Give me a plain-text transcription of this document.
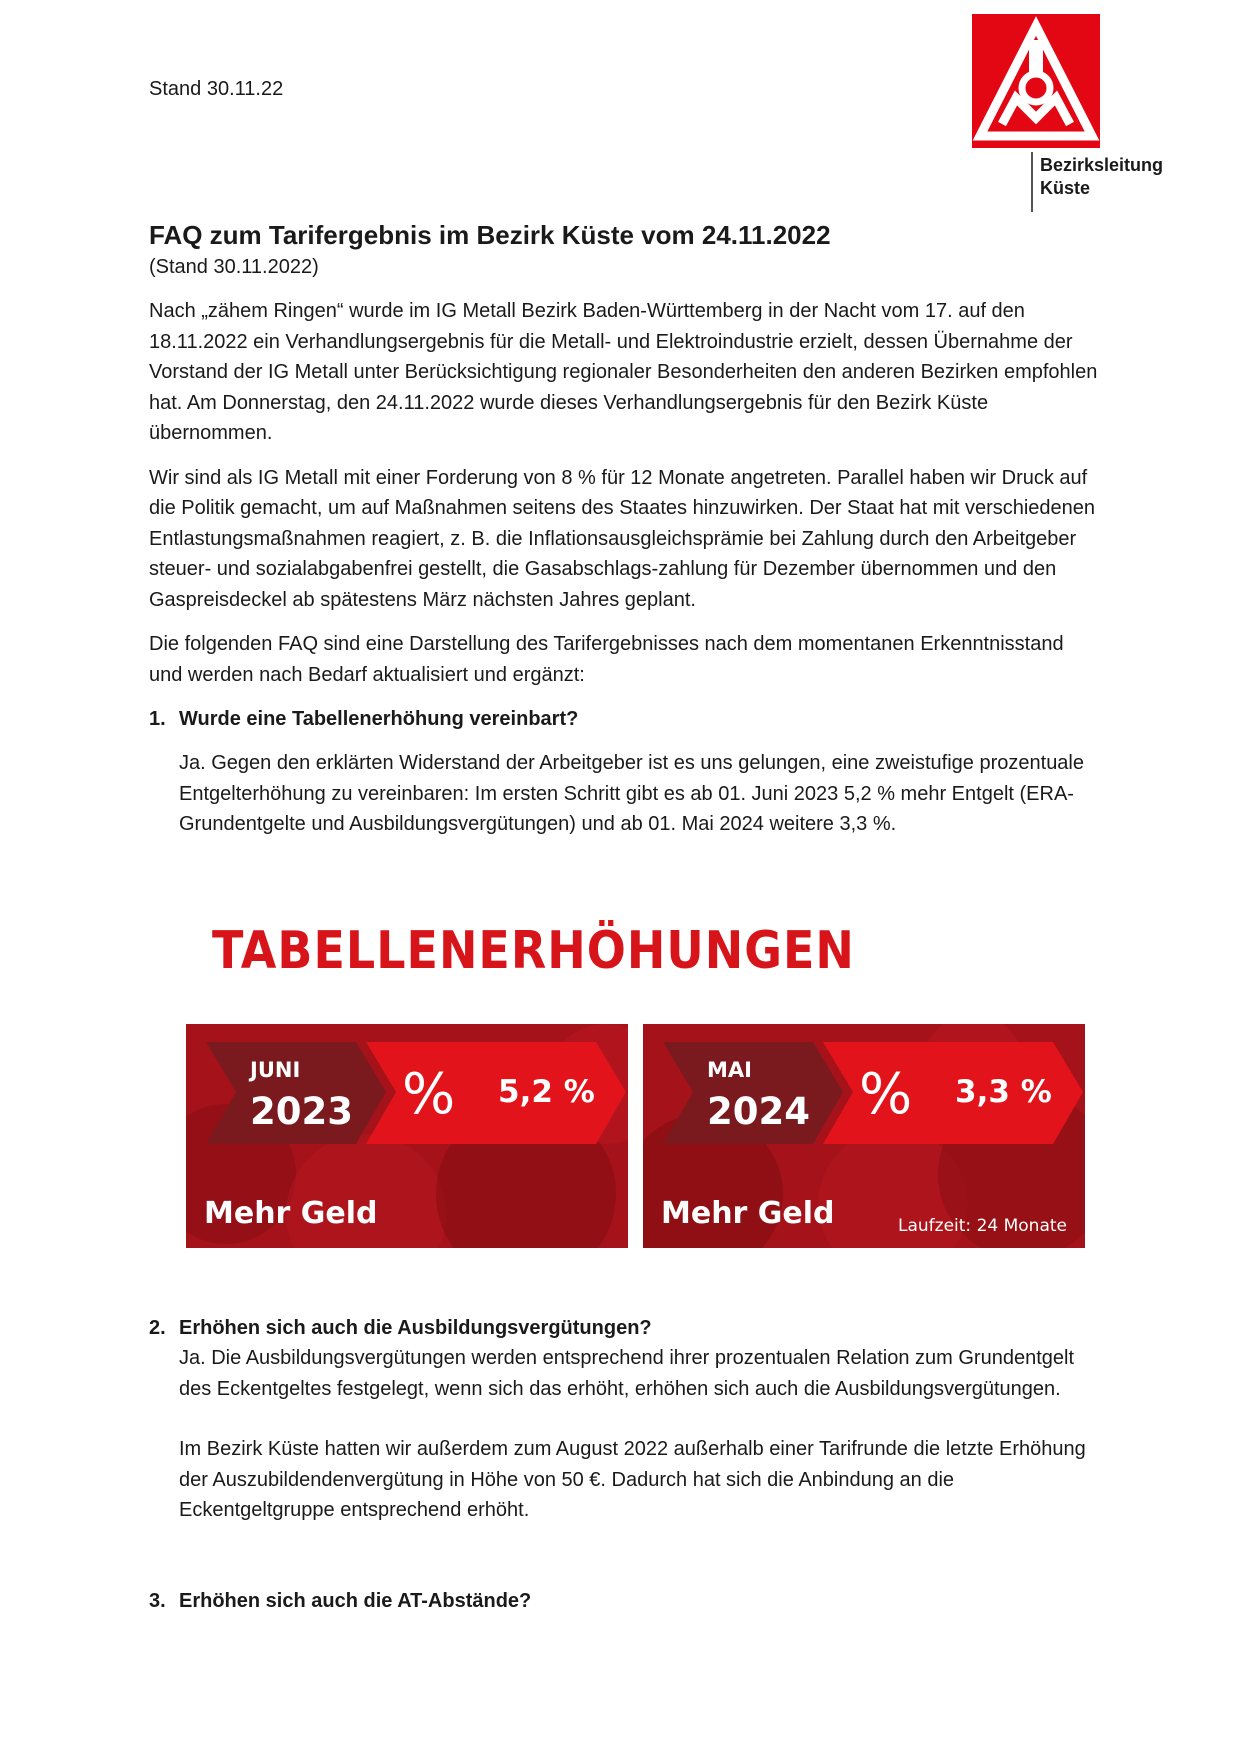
Stand 30.11.22
Bezirksleitung
Küste
FAQ zum Tarifergebnis im Bezirk Küste vom 24.11.2022
(Stand 30.11.2022)

Nach „zähem Ringen“ wurde im IG Metall Bezirk Baden-Württemberg in der Nacht vom 17. auf den 18.11.2022 ein Verhandlungsergebnis für die Metall- und Elektroindustrie erzielt, dessen Übernahme der Vorstand der IG Metall unter Berücksichtigung regionaler Besonderheiten den anderen Bezirken empfohlen hat. Am Donnerstag, den 24.11.2022 wurde dieses Verhandlungsergebnis für den Bezirk Küste übernommen.

Wir sind als IG Metall mit einer Forderung von 8 % für 12 Monate angetreten. Parallel haben wir Druck auf die Politik gemacht, um auf Maßnahmen seitens des Staates hinzuwirken. Der Staat hat mit verschiedenen Entlastungsmaßnahmen reagiert, z. B. die Inflationsausgleichsprämie bei Zahlung durch den Arbeitgeber steuer- und sozialabgabenfrei gestellt, die Gasabschlags-zahlung für Dezember übernommen und den Gaspreisdeckel ab spätestens März nächsten Jahres geplant.

Die folgenden FAQ sind eine Darstellung des Tarifergebnisses nach dem momentanen Erkenntnisstand und werden nach Bedarf aktualisiert und ergänzt:

1. Wurde eine Tabellenerhöhung vereinbart?

Ja. Gegen den erklärten Widerstand der Arbeitgeber ist es uns gelungen, eine zweistufige prozentuale Entgelterhöhung zu vereinbaren: Im ersten Schritt gibt es ab 01. Juni 2023 5,2 % mehr Entgelt (ERA-Grundentgelte und Ausbildungsvergütungen) und ab 01. Mai 2024 weitere 3,3 %.

TABELLENERHÖHUNGEN
JUNI
2023 % 5,2 %
Mehr Geld
MAI
2024 % 3,3 %
Mehr Geld	Laufzeit: 24 Monate
2. Erhöhen sich auch die Ausbildungsvergütungen?

Ja. Die Ausbildungsvergütungen werden entsprechend ihrer prozentualen Relation zum Grundentgelt des Eckentgeltes festgelegt, wenn sich das erhöht, erhöhen sich auch die Ausbildungsvergütungen.

Im Bezirk Küste hatten wir außerdem zum August 2022 außerhalb einer Tarifrunde die letzte Erhöhung der Auszubildendenvergütung in Höhe von 50 €. Dadurch hat sich die Anbindung an die Eckentgeltgruppe entsprechend erhöht.

3. Erhöhen sich auch die AT-Abstände?
